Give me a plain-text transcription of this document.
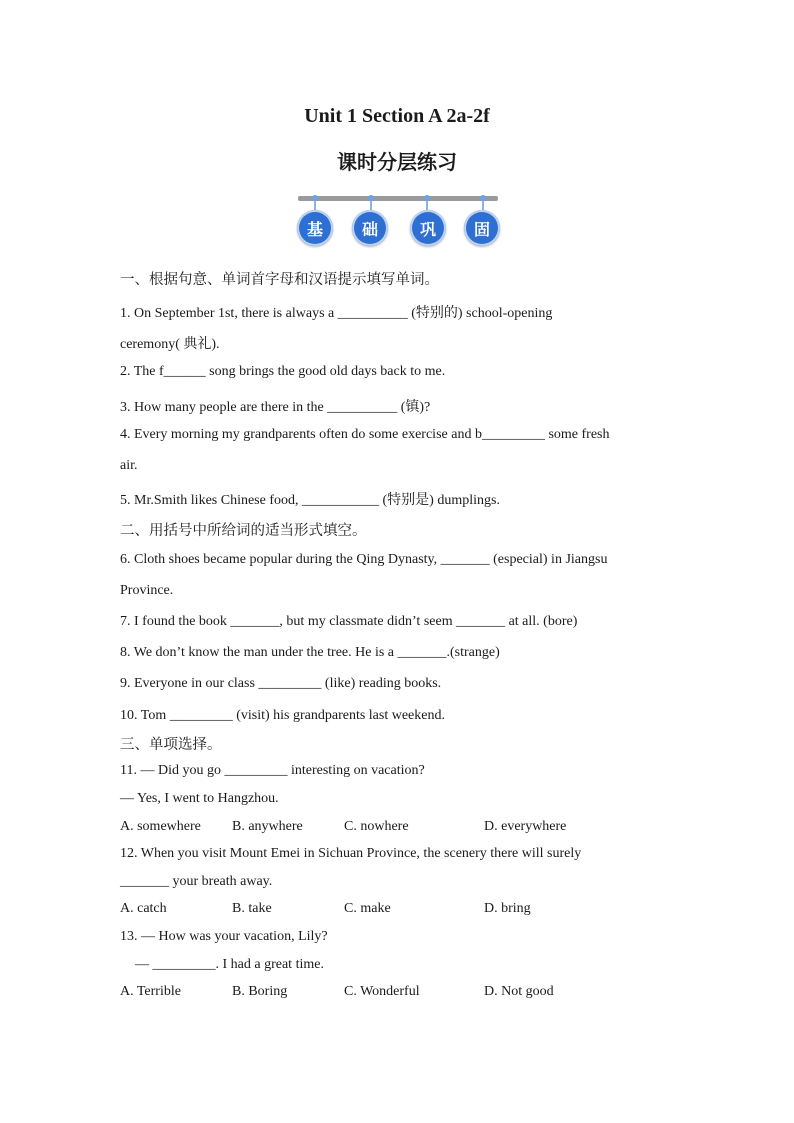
Unit 1 Section A 2a-2f
课时分层练习
基	础	巩	固
一、根据句意、单词首字母和汉语提示填写单词。
1. On September 1st, there is always a __________ (特别的) school-opening
ceremony( 典礼).
2. The f______ song brings the good old days back to me.
3. How many people are there in the __________ (镇)?
4. Every morning my grandparents often do some exercise and b_________ some fresh
air.
5. Mr.Smith likes Chinese food, ___________ (特别是) dumplings.
二、用括号中所给词的适当形式填空。
6. Cloth shoes became popular during the Qing Dynasty, _______ (especial) in Jiangsu
Province.
7. I found the book _______, but my classmate didn’t seem _______ at all. (bore)
8. We don’t know the man under the tree. He is a _______.(strange)
9. Everyone in our class _________ (like) reading books.
10. Tom _________ (visit) his grandparents last weekend.
三、单项选择。
11. — Did you go _________ interesting on vacation?
— Yes, I went to Hangzhou.
A. somewhere B. anywhere	C. nowhere	D. everywhere
12. When you visit Mount Emei in Sichuan Province, the scenery there will surely
_______ your breath away.
A. catch	B. take	C. make	D. bring
13. — How was your vacation, Lily?
— _________. I had a great time.
A. Terrible	B. Boring	C. Wonderful	D. Not good
